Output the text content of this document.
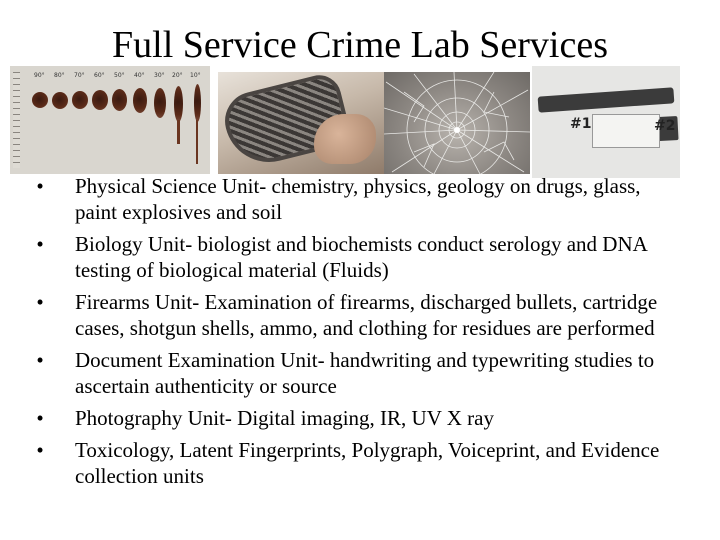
Full Service Crime Lab Services
90° 80° 70° 60° 50° 40° 30° 20° 10°
#1	#2
•	Physical Science Unit- chemistry, physics, geology on drugs, glass, paint explosives and soil
•	Biology Unit- biologist and biochemists conduct serology and DNA testing of biological material (Fluids)
•	Firearms Unit- Examination of firearms, discharged bullets, cartridge cases, shotgun shells, ammo, and clothing for residues are performed
•	Document Examination Unit- handwriting and typewriting studies to ascertain authenticity or source
•	Photography Unit- Digital imaging, IR, UV X ray
•	Toxicology, Latent Fingerprints, Polygraph, Voiceprint, and Evidence collection units
